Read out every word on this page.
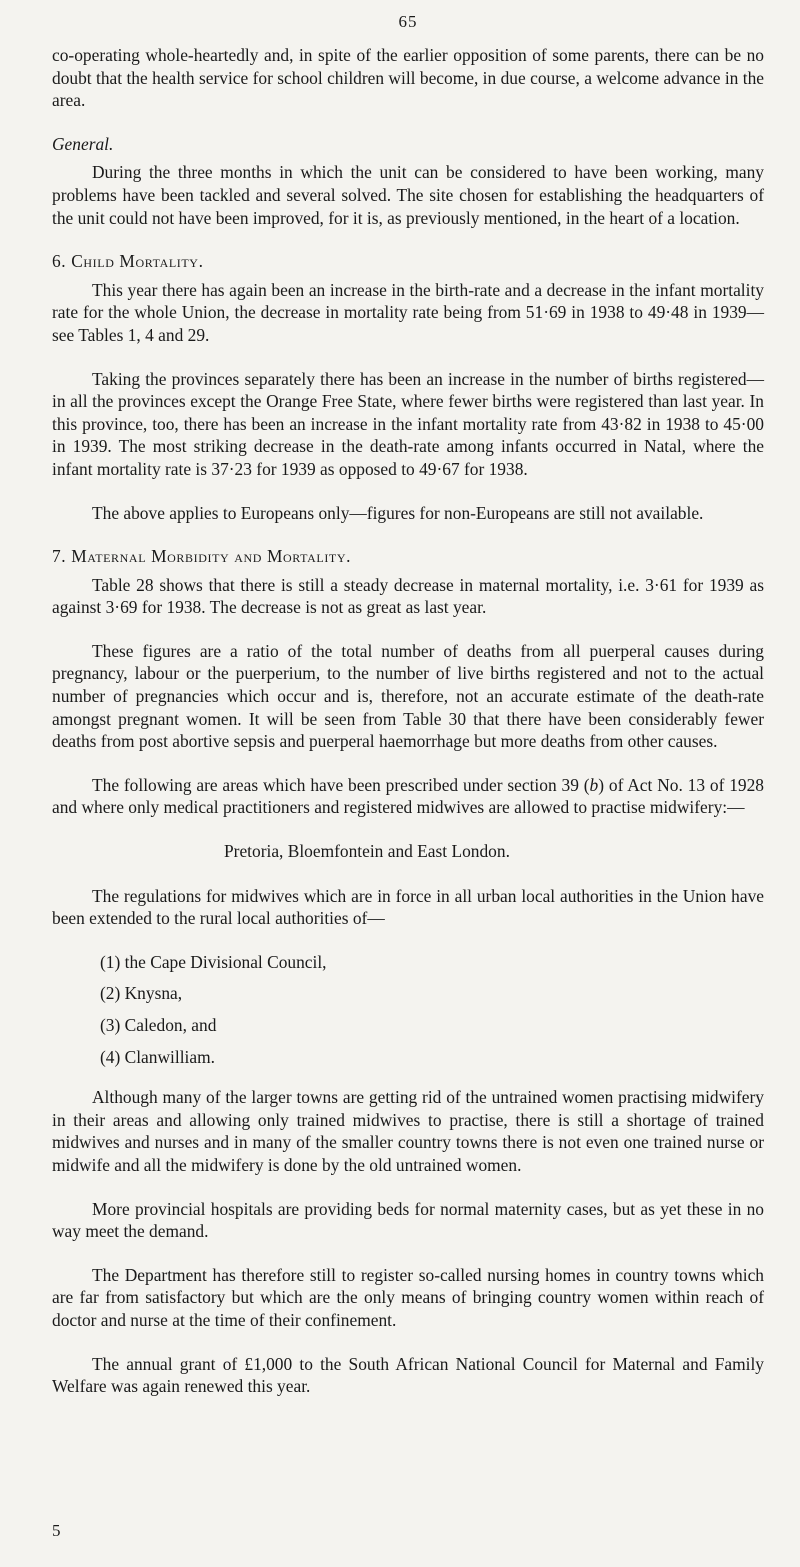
65

co-operating whole-heartedly and, in spite of the earlier opposition of some parents, there can be no doubt that the health service for school children will become, in due course, a welcome advance in the area.

General.

During the three months in which the unit can be considered to have been working, many problems have been tackled and several solved. The site chosen for establishing the headquarters of the unit could not have been improved, for it is, as previously mentioned, in the heart of a location.

6. Child Mortality.

This year there has again been an increase in the birth-rate and a decrease in the infant mortality rate for the whole Union, the decrease in mortality rate being from 51·69 in 1938 to 49·48 in 1939—see Tables 1, 4 and 29.

Taking the provinces separately there has been an increase in the number of births registered—in all the provinces except the Orange Free State, where fewer births were registered than last year. In this province, too, there has been an increase in the infant mortality rate from 43·82 in 1938 to 45·00 in 1939. The most striking decrease in the death-rate among infants occurred in Natal, where the infant mortality rate is 37·23 for 1939 as opposed to 49·67 for 1938.

The above applies to Europeans only—figures for non-Europeans are still not available.

7. Maternal Morbidity and Mortality.

Table 28 shows that there is still a steady decrease in maternal mortality, i.e. 3·61 for 1939 as against 3·69 for 1938. The decrease is not as great as last year.

These figures are a ratio of the total number of deaths from all puerperal causes during pregnancy, labour or the puerperium, to the number of live births registered and not to the actual number of pregnancies which occur and is, therefore, not an accurate estimate of the death-rate amongst pregnant women. It will be seen from Table 30 that there have been considerably fewer deaths from post abortive sepsis and puerperal haemorrhage but more deaths from other causes.

The following are areas which have been prescribed under section 39 (b) of Act No. 13 of 1928 and where only medical practitioners and registered midwives are allowed to practise midwifery:—

Pretoria, Bloemfontein and East London.

The regulations for midwives which are in force in all urban local authorities in the Union have been extended to the rural local authorities of—

(1) the Cape Divisional Council,
(2) Knysna,
(3) Caledon, and
(4) Clanwilliam.

Although many of the larger towns are getting rid of the untrained women practising midwifery in their areas and allowing only trained midwives to practise, there is still a shortage of trained midwives and nurses and in many of the smaller country towns there is not even one trained nurse or midwife and all the midwifery is done by the old untrained women.

More provincial hospitals are providing beds for normal maternity cases, but as yet these in no way meet the demand.

The Department has therefore still to register so-called nursing homes in country towns which are far from satisfactory but which are the only means of bringing country women within reach of doctor and nurse at the time of their confinement.

The annual grant of £1,000 to the South African National Council for Maternal and Family Welfare was again renewed this year.

5
